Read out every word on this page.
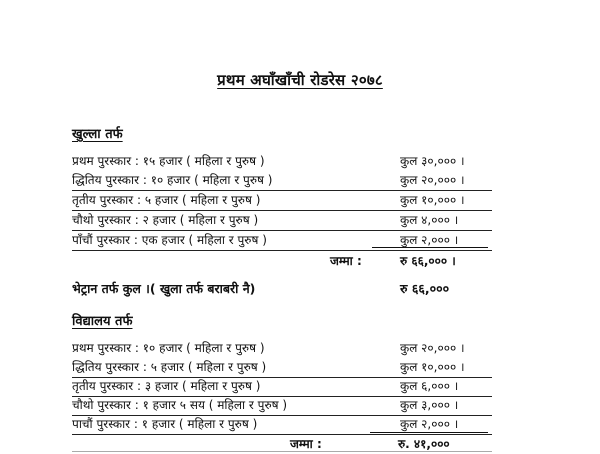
प्रथम अघाँखाँची रोडरेस २०७८
खुल्ला तर्फ
प्रथम पुरस्कार : १५ हजार ( महिला र पुरुष )	कुल ३०,००० ।
द्धितिय पुरस्कार : १० हजार ( महिला र पुरुष )	कुल २०,००० ।
तृतीय पुरस्कार : ५ हजार ( महिला र पुरुष )	कुल १०,००० ।
चौथो पुरस्कार : २ हजार ( महिला र पुरुष )	कुल ४,००० ।
पाँचौं पुरस्कार : एक हजार ( महिला र पुरुष )	कुल २,००० ।
जम्मा :	रु ६६,००० ।
भेट्रान तर्फ कुल ।( खुला तर्फ बराबरी नै)	रु ६६,०००
विद्यालय तर्फ
प्रथम पुरस्कार : १० हजार ( महिला र पुरुष )	कुल २०,००० ।
द्धितिय पुरस्कार : ५ हजार ( महिला र पुरुष )	कुल १०,००० ।
तृतीय पुरस्कार : ३ हजार ( महिला र पुरुष )	कुल ६,००० ।
चौथो पुरस्कार : १ हजार ५ सय ( महिला र पुरुष )	कुल ३,००० ।
पाचौं पुरस्कार : १ हजार ( महिला र पुरुष )	कुल २,००० ।
जम्मा :	रु. ४१,०००
